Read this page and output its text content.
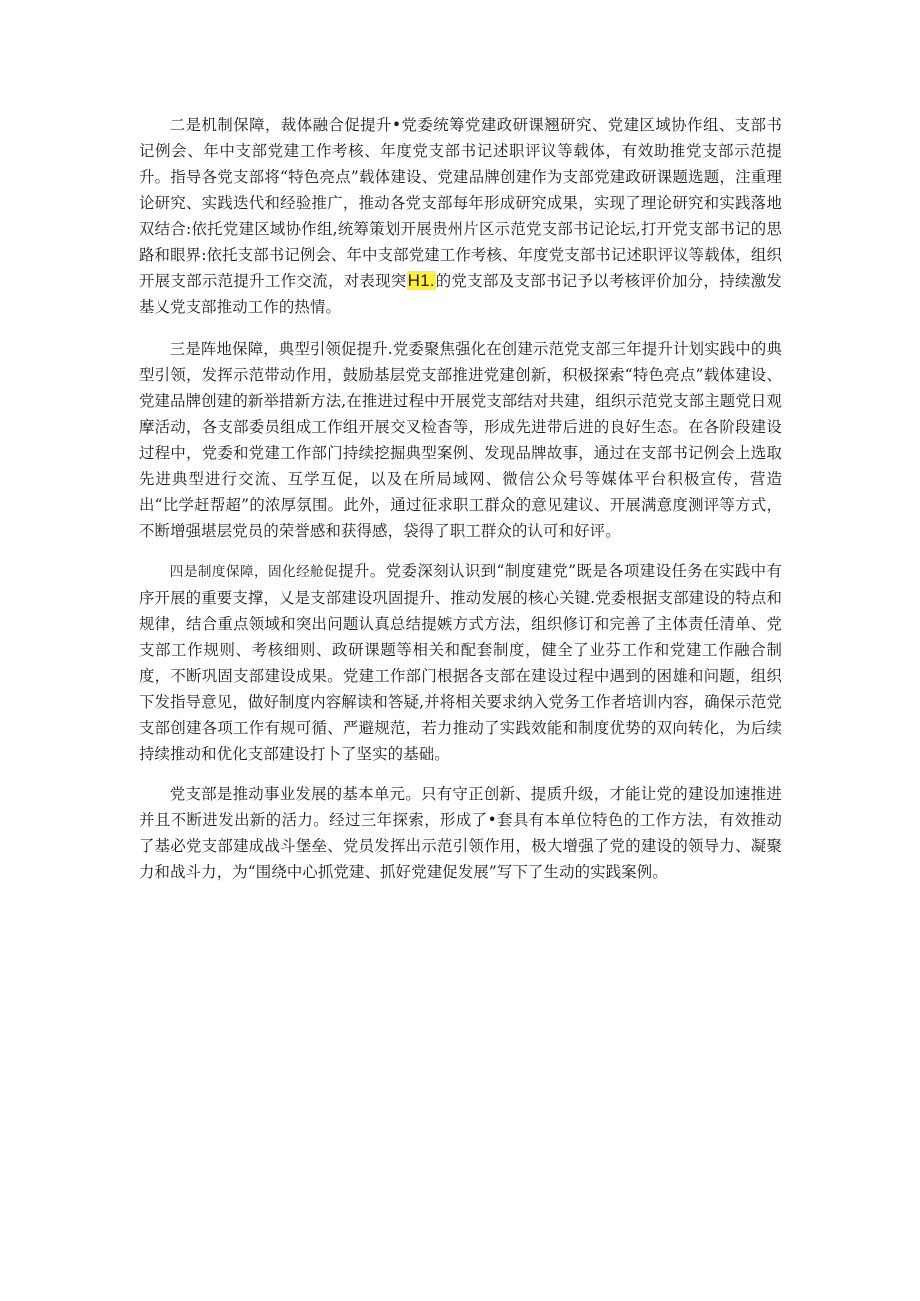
二是机制保障，裁体融合促提升•党委统筹党建政研课翘研究、党建区域协作组、支部书记例会、年中支部党建工作考核、年度党支部书记述职评议等载体，有效助推党支部示范提升。指导各党支部将“特色亮点”载体建设、党建品牌创建作为支部党建政研课题选题，注重理论研究、实践迭代和经验推广，推动各党支部每年形成研究成果，实现了理论研究和实践落地双结合:依托党建区域协作组,统筹策划开展贵州片区示范党支部书记论坛,打开党支部书记的思路和眼界:依托支部书记例会、年中支部党建工作考核、年度党支部书记述职评议等载体，组织开展支部示范提升工作交流，对表现突H1.的党支部及支部书记予以考核评价加分，持续激发基乂党支部推动工作的热情。

三是阵地保障，典型引领促提升.党委聚焦强化在创建示范党支部三年提升计划实践中的典型引领，发挥示范带动作用，鼓励基层党支部推进党建创新，积极探索“特色亮点”载体建设、党建品牌创建的新举措新方法,在推进过程中开展党支部结对共建，组织示范党支部主题党日观摩活动，各支部委员组成工作组开展交叉检杳等，形成先进带后进的良好生态。在各阶段建设过程中，党委和党建工作部门持续挖掘典型案例、发现品牌故事，通过在支部书记例会上选取先进典型进行交流、互学互促，以及在所局域网、微信公众号等媒体平台积极宣传，营造出“比学赶帮超”的浓厚氛围。此外，通过征求职工群众的意见建议、开展满意度测评等方式，不断增强堪层党员的荣誉感和获得感，袋得了职工群众的认可和好评。

四是制度保障，固化经舱促提升。党委深刻认识到“制度建党”既是各项建设任务在实践中有序开展的重要支撑，乂是支部建设巩固提升、推动发展的核心关键.党委根据支部建设的特点和规律，结合重点领域和突出问题认真总结提嫉方式方法，组织修订和完善了主体责任清单、党支部工作规则、考核细则、政研课题等相关和配套制度，健全了业芬工作和党建工作融合制度，不断巩固支部建设成果。党建工作部门根据各支部在建设过程中遇到的困雄和问题，组织下发指导意见，做好制度内容解读和答疑,并将相关要求纳入党务工作者培训内容，确保示范党支部创建各项工作有规可循、严避规范，若力推动了实践效能和制度优势的双向转化，为后续持续推动和优化支部建设打卜了坚实的基础。

党支部是推动事业发展的基本单元。只有守正创新、提质升级，才能让党的建设加速推进并且不断进发出新的活力。经过三年探索，形成了•套具有本单位特色的工作方法，有效推动了基必党支部建成战斗堡垒、党员发挥出示范引领作用，极大增强了党的建设的领导力、凝聚力和战斗力，为“围绕中心抓党建、抓好党建促发展”写下了生动的实践案例。
